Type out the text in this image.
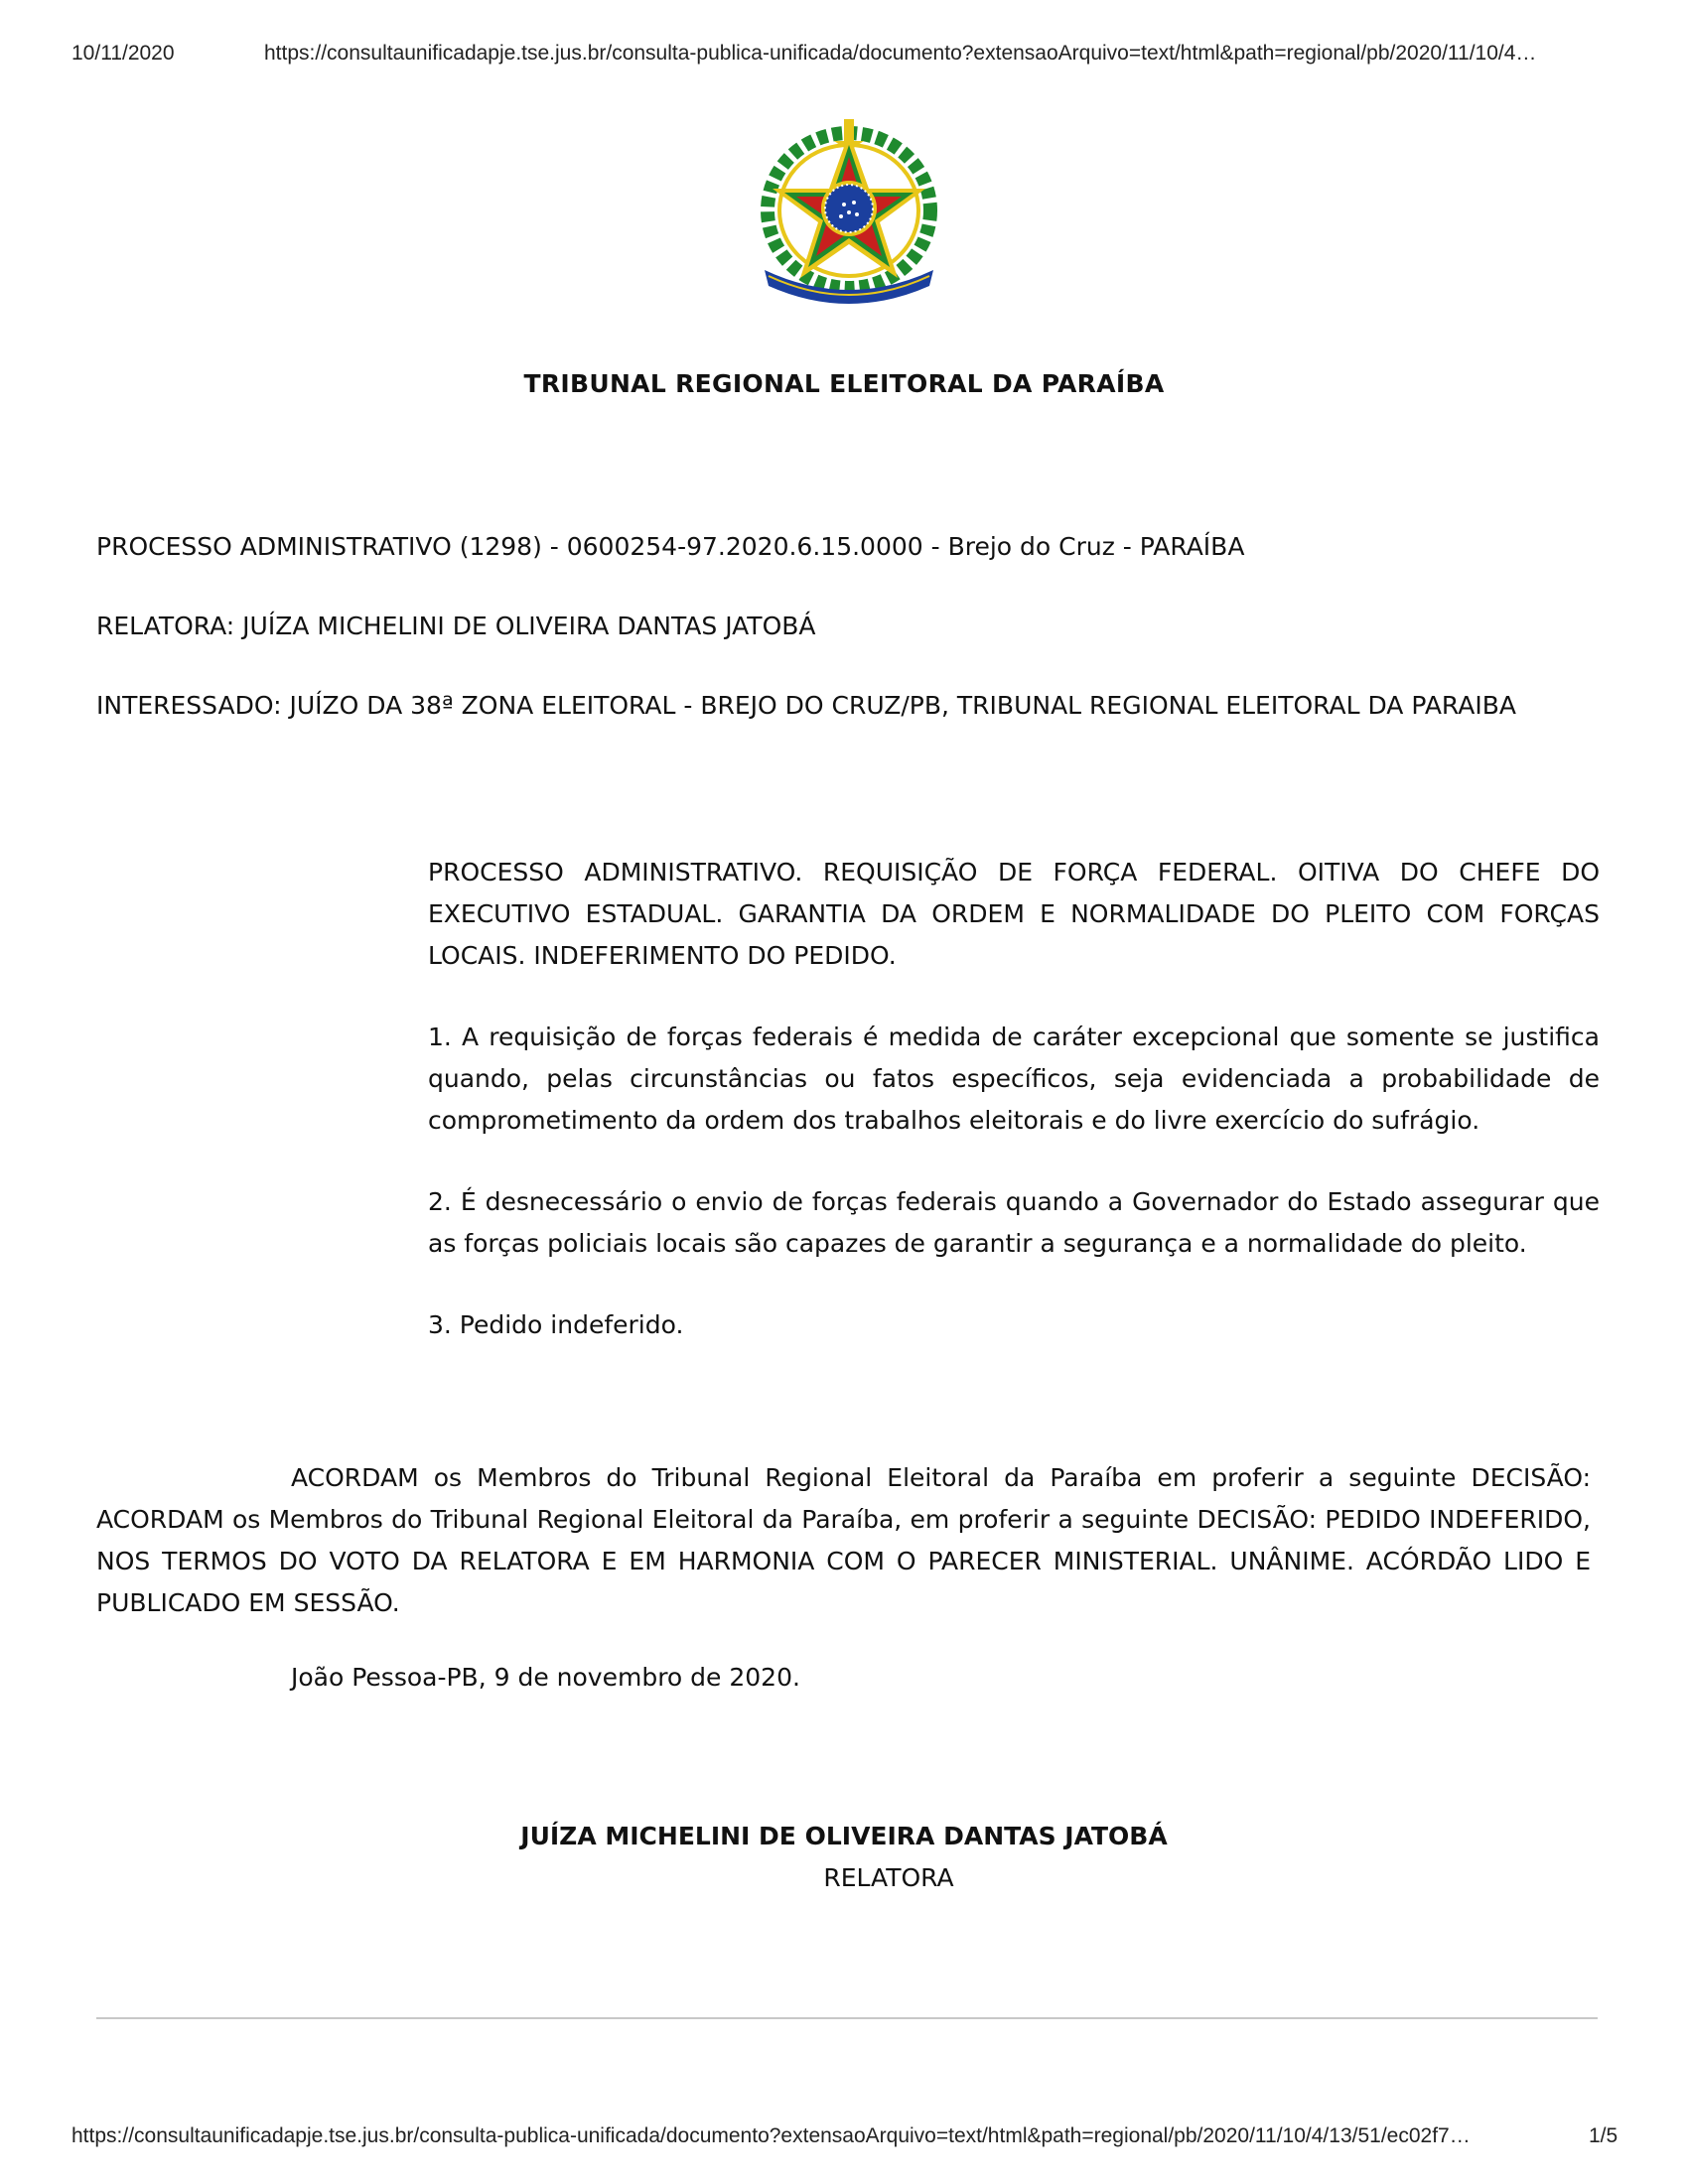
10/11/2020	https://consultaunificadapje.tse.jus.br/consulta-publica-unificada/documento?extensaoArquivo=text/html&path=regional/pb/2020/11/10/4…
TRIBUNAL REGIONAL ELEITORAL DA PARAÍBA
PROCESSO ADMINISTRATIVO (1298) - 0600254-97.2020.6.15.0000 - Brejo do Cruz - PARAÍBA
RELATORA: JUÍZA MICHELINI DE OLIVEIRA DANTAS JATOBÁ
INTERESSADO: JUÍZO DA 38ª ZONA ELEITORAL - BREJO DO CRUZ/PB, TRIBUNAL REGIONAL ELEITORAL DA PARAIBA

PROCESSO ADMINISTRATIVO. REQUISIÇÃO DE FORÇA FEDERAL. OITIVA DO CHEFE DO EXECUTIVO ESTADUAL. GARANTIA DA ORDEM E NORMALIDADE DO PLEITO COM FORÇAS LOCAIS. INDEFERIMENTO DO PEDIDO.

1. A requisição de forças federais é medida de caráter excepcional que somente se justifica quando, pelas circunstâncias ou fatos específicos, seja evidenciada a probabilidade de comprometimento da ordem dos trabalhos eleitorais e do livre exercício do sufrágio.

2. É desnecessário o envio de forças federais quando a Governador do Estado assegurar que as forças policiais locais são capazes de garantir a segurança e a normalidade do pleito.

3. Pedido indeferido.

ACORDAM os Membros do Tribunal Regional Eleitoral da Paraíba em proferir a seguinte DECISÃO: ACORDAM os Membros do Tribunal Regional Eleitoral da Paraíba, em proferir a seguinte DECISÃO: PEDIDO INDEFERIDO, NOS TERMOS DO VOTO DA RELATORA E EM HARMONIA COM O PARECER MINISTERIAL. UNÂNIME. ACÓRDÃO LIDO E PUBLICADO EM SESSÃO.

João Pessoa-PB, 9 de novembro de 2020.
JUÍZA MICHELINI DE OLIVEIRA DANTAS JATOBÁ
RELATORA
https://consultaunificadapje.tse.jus.br/consulta-publica-unificada/documento?extensaoArquivo=text/html&path=regional/pb/2020/11/10/4/13/51/ec02f7…	1/5
